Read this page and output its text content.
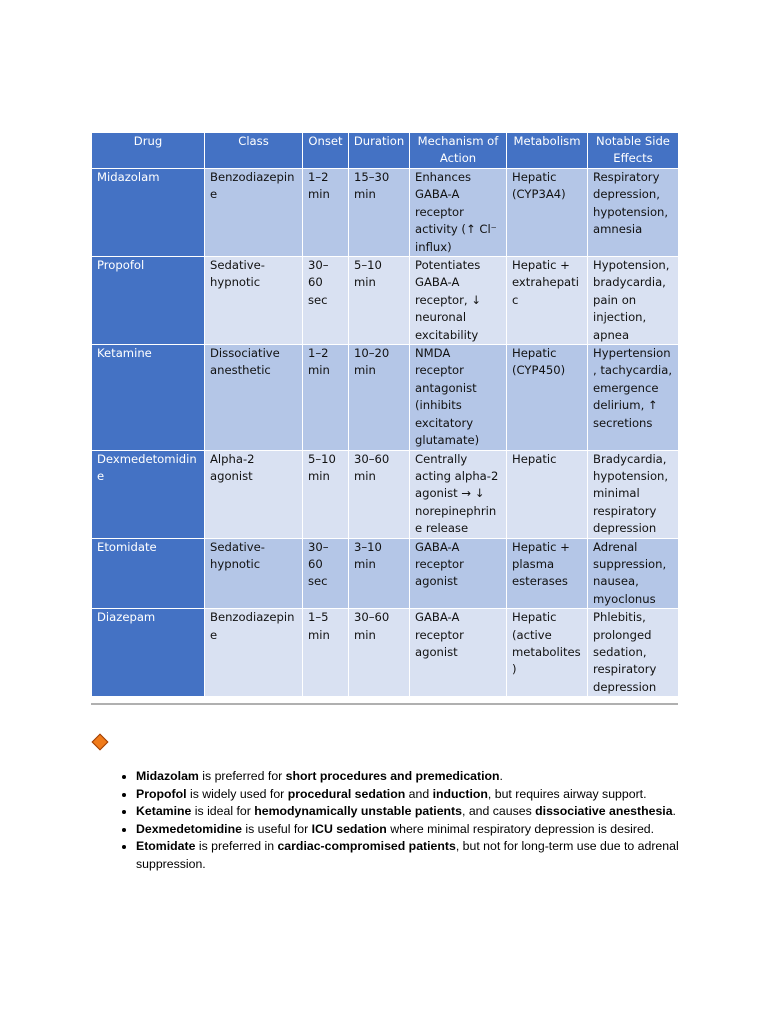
Drug	Class	Onset	Duration	Mechanism of Action	Metabolism	Notable Side Effects
Midazolam	Benzodiazepine	1–2 min	15–30 min	Enhances GABA-A receptor activity (↑ Cl⁻ influx)	Hepatic (CYP3A4)	Respiratory depression, hypotension, amnesia
Propofol	Sedative-hypnotic	30–60 sec	5–10 min	Potentiates GABA-A receptor, ↓ neuronal excitability	Hepatic + extrahepatic	Hypotension, bradycardia, pain on injection, apnea
Ketamine	Dissociative anesthetic	1–2 min	10–20 min	NMDA receptor antagonist (inhibits excitatory glutamate)	Hepatic (CYP450)	Hypertension, tachycardia, emergence delirium, ↑ secretions
Dexmedetomidine	Alpha-2 agonist	5–10 min	30–60 min	Centrally acting alpha-2 agonist → ↓ norepinephrine release	Hepatic	Bradycardia, hypotension, minimal respiratory depression
Etomidate	Sedative-hypnotic	30–60 sec	3–10 min	GABA-A receptor agonist	Hepatic + plasma esterases	Adrenal suppression, nausea, myoclonus
Diazepam	Benzodiazepine	1–5 min	30–60 min	GABA-A receptor agonist	Hepatic (active metabolites)	Phlebitis, prolonged sedation, respiratory depression
• Midazolam is preferred for short procedures and premedication.
• Propofol is widely used for procedural sedation and induction, but requires airway support.
• Ketamine is ideal for hemodynamically unstable patients, and causes dissociative anesthesia.
• Dexmedetomidine is useful for ICU sedation where minimal respiratory depression is desired.
• Etomidate is preferred in cardiac-compromised patients, but not for long-term use due to adrenal suppression.
